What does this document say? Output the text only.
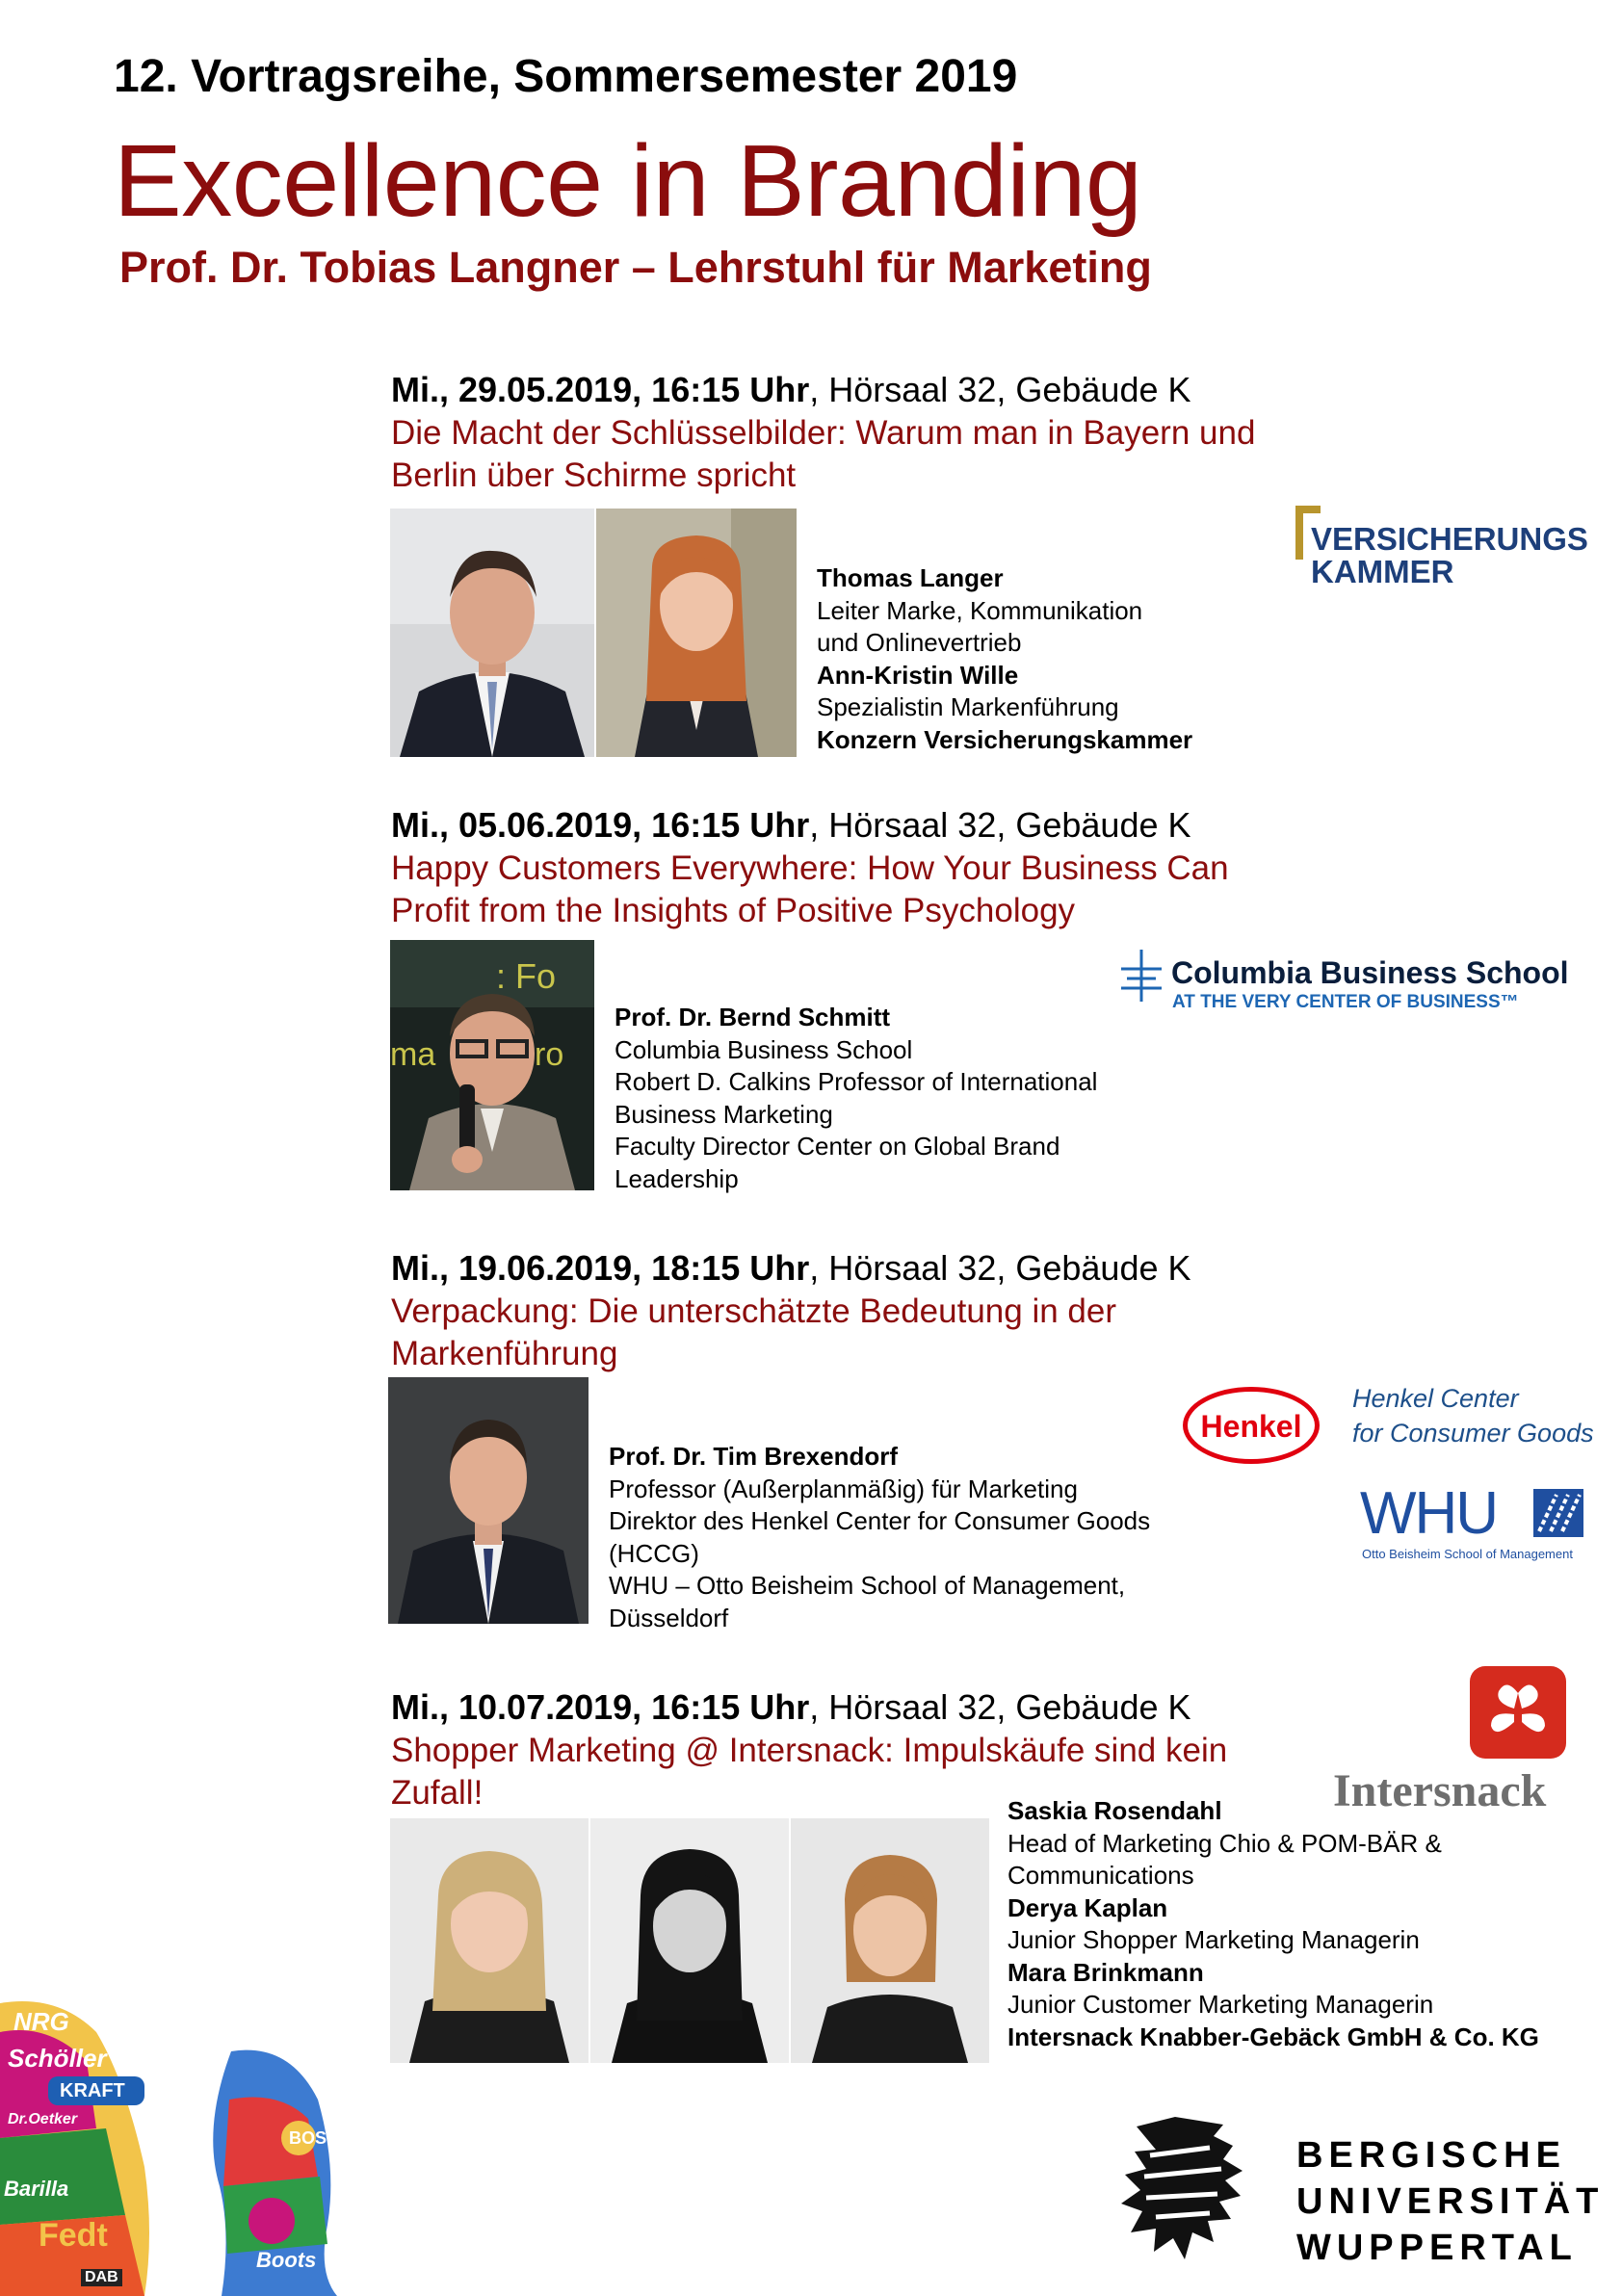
12. Vortragsreihe, Sommersemester 2019
Excellence in Branding
Prof. Dr. Tobias Langner – Lehrstuhl für Marketing
Mi., 29.05.2019, 16:15 Uhr, Hörsaal 32, Gebäude K
Die Macht der Schlüsselbilder: Warum man in Bayern und
Berlin über Schirme spricht
Thomas Langer
Leiter Marke, Kommunikation
und Onlinevertrieb
Ann-Kristin Wille
Spezialistin Markenführung
Konzern Versicherungskammer
VERSICHERUNGS
KAMMER
Mi., 05.06.2019, 16:15 Uhr, Hörsaal 32, Gebäude K
Happy Customers Everywhere: How Your Business Can
Profit from the Insights of Positive Psychology
: Fo
ma	ro
Prof. Dr. Bernd Schmitt
Columbia Business School
Robert D. Calkins Professor of International
Business Marketing
Faculty Director Center on Global Brand
Leadership
Columbia Business School
AT THE VERY CENTER OF BUSINESS™
Mi., 19.06.2019, 18:15 Uhr, Hörsaal 32, Gebäude K
Verpackung: Die unterschätzte Bedeutung in der
Markenführung
Prof. Dr. Tim Brexendorf
Professor (Außerplanmäßig) für Marketing
Direktor des Henkel Center for Consumer Goods
(HCCG)
WHU – Otto Beisheim School of Management,
Düsseldorf
Henkel
Henkel Center
for Consumer Goods
WHU
Otto Beisheim School of Management
Mi., 10.07.2019, 16:15 Uhr, Hörsaal 32, Gebäude K
Shopper Marketing @ Intersnack: Impulskäufe sind kein
Zufall!	Saskia Rosendahl
Head of Marketing Chio & POM-BÄR &
Communications
Derya Kaplan
Junior Shopper Marketing Managerin
Mara Brinkmann
Junior Customer Marketing Managerin
Intersnack Knabber-Gebäck GmbH & Co. KG
Intersnack
NRG
Schöller
KRAFT
Dr.Oetker
Barilla
Fedt
DAB
BOS
Boots
BERGISCHE
UNIVERSITÄT
WUPPERTAL
